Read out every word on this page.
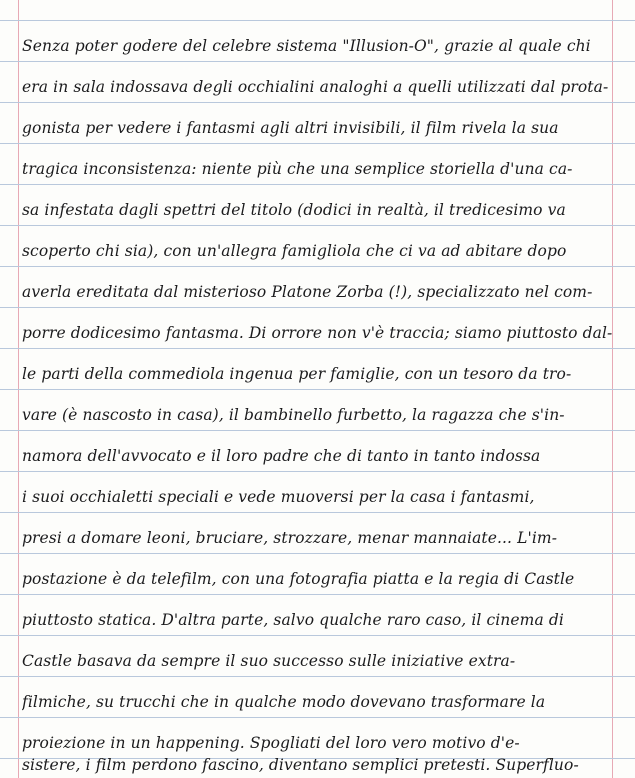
Senza poter godere del celebre sistema "Illusion-O", grazie al quale chi
era in sala indossava degli occhialini analoghi a quelli utilizzati dal prota-
gonista per vedere i fantasmi agli altri invisibili, il film rivela la sua
tragica inconsistenza: niente più che una semplice storiella d'una ca-
sa infestata dagli spettri del titolo (dodici in realtà, il tredicesimo va
scoperto chi sia), con un'allegra famigliola che ci va ad abitare dopo
averla ereditata dal misterioso Platone Zorba (!), specializzato nel com-
porre dodicesimo fantasma. Di orrore non v'è traccia; siamo piuttosto dal-
le parti della commediola ingenua per famiglie, con un tesoro da tro-
vare (è nascosto in casa), il bambinello furbetto, la ragazza che s'in-
namora dell'avvocato e il loro padre che di tanto in tanto indossa
i suoi occhialetti speciali e vede muoversi per la casa i fantasmi,
presi a domare leoni, bruciare, strozzare, menar mannaiate... L'im-
postazione è da telefilm, con una fotografia piatta e la regia di Castle
piuttosto statica. D'altra parte, salvo qualche raro caso, il cinema di
Castle basava da sempre il suo successo sulle iniziative extra-
filmiche, su trucchi che in qualche modo dovevano trasformare la
proiezione in un happening. Spogliati del loro vero motivo d'e-
sistere, i film perdono fascino, diventano semplici pretesti. Superfluo-
